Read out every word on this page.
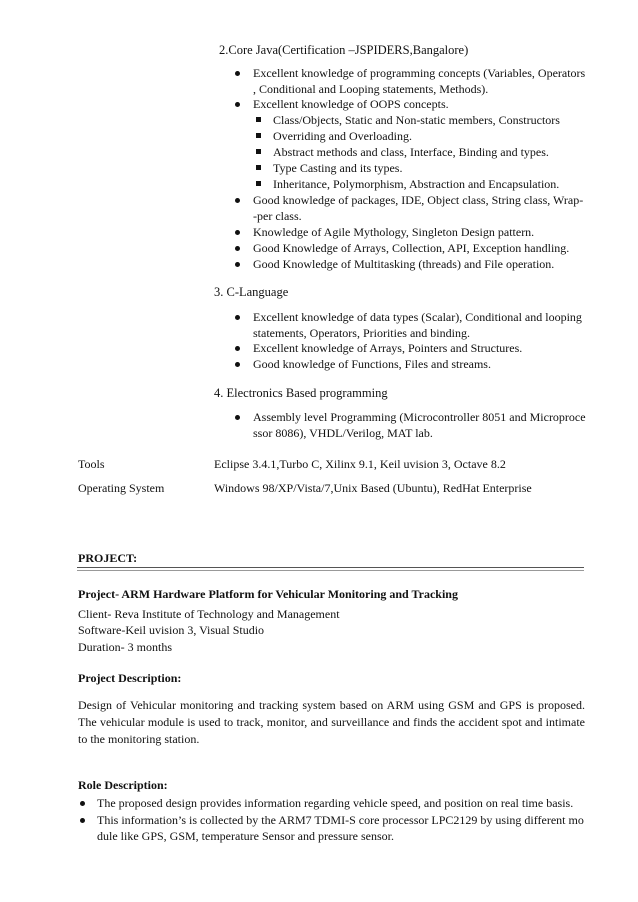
2.Core Java(Certification –JSPIDERS,Bangalore)
Excellent knowledge of programming concepts (Variables, Operators
, Conditional and Looping statements, Methods).
Excellent knowledge of OOPS concepts.
Class/Objects, Static and Non-static members, Constructors
Overriding and Overloading.
Abstract methods and class, Interface, Binding and types.
Type Casting and its types.
Inheritance, Polymorphism, Abstraction and Encapsulation.
Good knowledge of packages, IDE, Object class, String class, Wrap-
-per class.
Knowledge of Agile Mythology, Singleton Design pattern.
Good Knowledge of Arrays, Collection, API, Exception handling.
Good Knowledge of Multitasking (threads) and File operation.
3. C-Language
Excellent knowledge of data types (Scalar), Conditional and looping
statements, Operators, Priorities and binding.
Excellent knowledge of Arrays, Pointers and Structures.
Good knowledge of Functions, Files and streams.
4. Electronics Based programming
Assembly level Programming (Microcontroller 8051 and Microproce
ssor 8086), VHDL/Verilog, MAT lab.
Tools	Eclipse 3.4.1,Turbo C, Xilinx 9.1, Keil uvision 3, Octave 8.2
Operating System	Windows 98/XP/Vista/7,Unix Based (Ubuntu), RedHat Enterprise
PROJECT:
Project- ARM Hardware Platform for Vehicular Monitoring and Tracking
Client- Reva Institute of Technology and Management
Software-Keil uvision 3, Visual Studio
Duration- 3 months
Project Description:
Design of Vehicular monitoring and tracking system based on ARM using GSM and GPS is proposed. The vehicular module is used to track, monitor, and surveillance and finds the accident spot and intimate to the monitoring station.
Role Description:
The proposed design provides information regarding vehicle speed, and position on real time basis.
This information’s is collected by the ARM7 TDMI-S core processor LPC2129 by using different mo
dule like GPS, GSM, temperature Sensor and pressure sensor.
